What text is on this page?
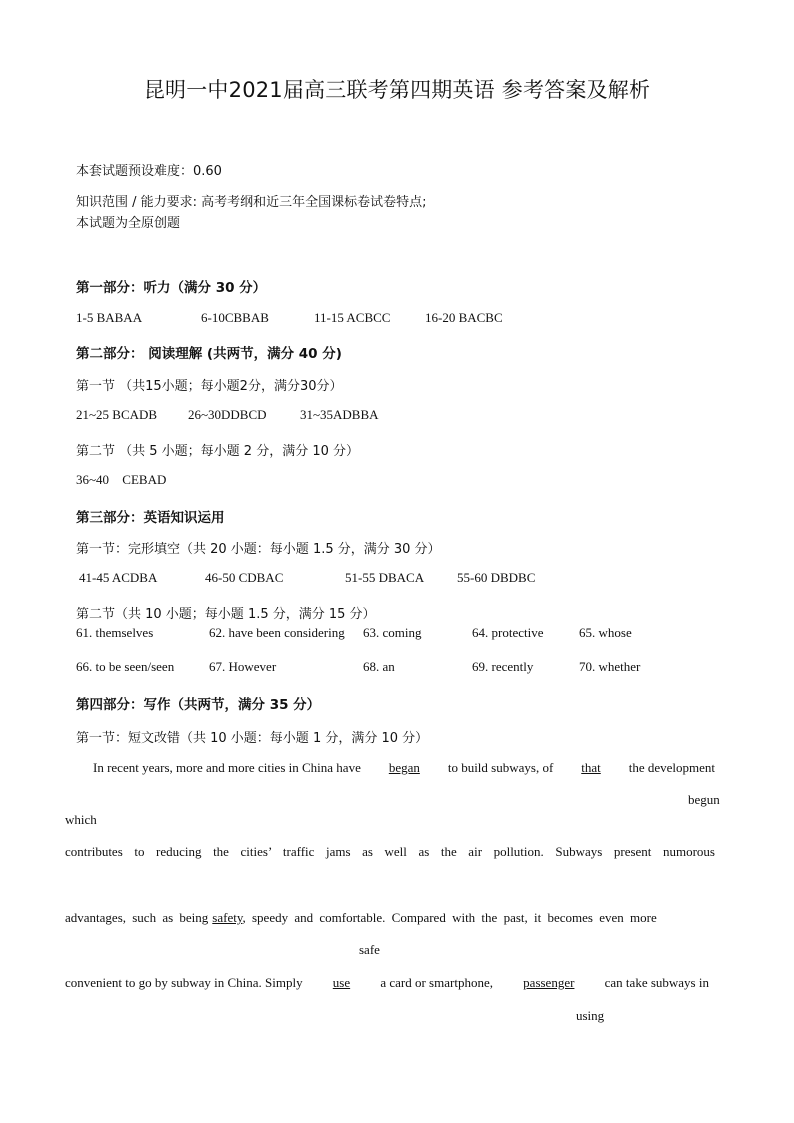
昆明一中2021届高三联考第四期英语 参考答案及解析
本套试题预设难度：0.60
知识范围 / 能力要求: 高考考纲和近三年全国课标卷试卷特点;
本试题为全原创题
第一部分：听力（满分 30 分）
1-5 BABAA	6-10CBBAB	11-15 ACBCC	16-20 BACBC
第二部分： 阅读理解 (共两节，满分 40 分)
第一节 （共15小题；每小题2分，满分30分）
21~25 BCADB 26~30DDBCD	31~35ADBBA
第二节 （共 5 小题；每小题 2 分，满分 10 分）
36~40 CEBAD
第三部分：英语知识运用
第一节：完形填空（共 20 小题：每小题 1.5 分，满分 30 分）
41-45 ACDBA	46-50 CDBAC	51-55 DBACA	55-60 DBDBC
第二节（共 10 小题；每小题 1.5 分，满分 15 分）
61. themselves	62. have been considering 63. coming	64. protective	65. whose
66. to be seen/seen	67. However	68. an	69. recently	70. whether
第四部分：写作（共两节，满分 35 分）
第一节：短文改错（共 10 小题：每小题 1 分，满分 10 分）
In recent years, more and more cities in China have began to build subways, of that the development
begun
which
contributes to reducing the cities’ traffic jams as well as the air pollution. Subways present numorous
advantages, such as being safety, speedy and comfortable. Compared with the past, it becomes even more
safe
convenient to go by subway in China. Simply use a card or smartphone, passenger can take subways in
using
